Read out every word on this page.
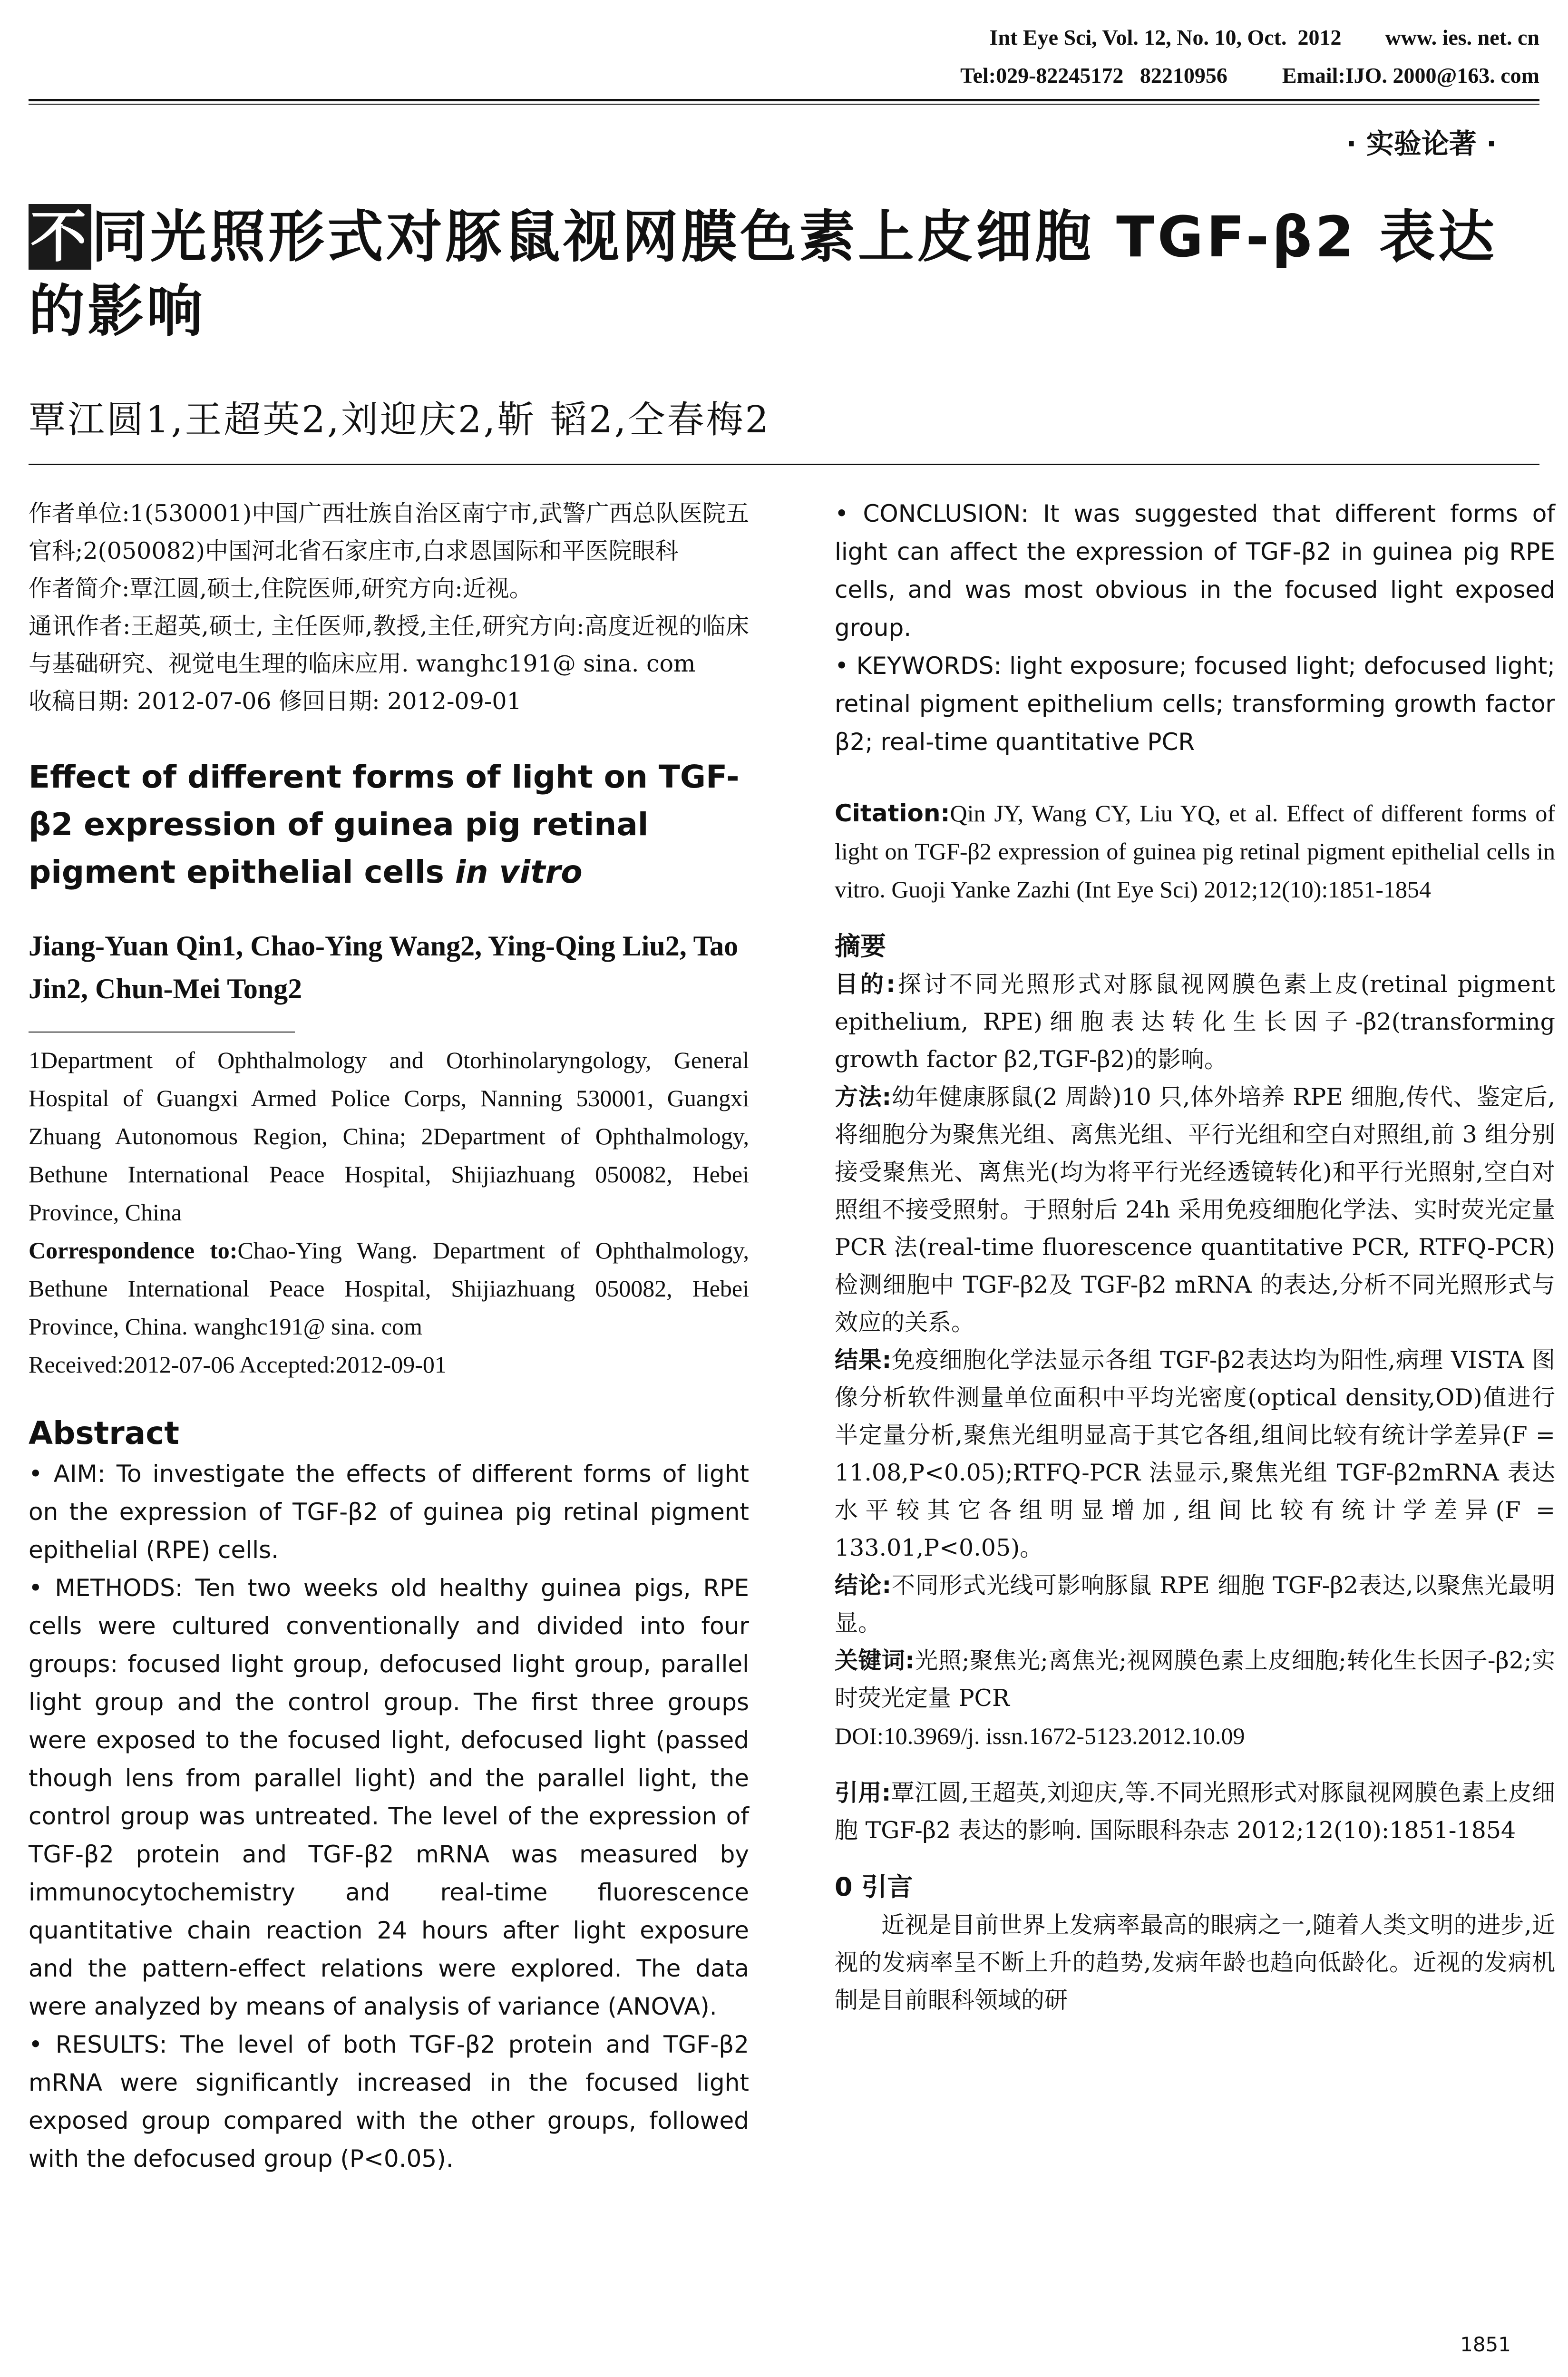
Int Eye Sci, Vol. 12, No. 10, Oct.  2012        www. ies. net. cn
Tel:029-82245172   82210956          Email:IJO. 2000@163. com
· 实验论著 ·
不同光照形式对豚鼠视网膜色素上皮细胞 TGF-β2 表达的影响
覃江圆1,王超英2,刘迎庆2,靳 韬2,仝春梅2

作者单位:1(530001)中国广西壮族自治区南宁市,武警广西总队医院五官科;2(050082)中国河北省石家庄市,白求恩国际和平医院眼科

作者简介:覃江圆,硕士,住院医师,研究方向:近视。

通讯作者:王超英,硕士, 主任医师,教授,主任,研究方向:高度近视的临床与基础研究、视觉电生理的临床应用. wanghc191@ sina. com

收稿日期: 2012-07-06 修回日期: 2012-09-01

Effect of different forms of light on TGF-β2 expression of guinea pig retinal pigment epithelial cells in vitro
Jiang-Yuan Qin1, Chao-Ying Wang2, Ying-Qing Liu2, Tao Jin2, Chun-Mei Tong2

1Department of Ophthalmology and Otorhinolaryngology, General Hospital of Guangxi Armed Police Corps, Nanning 530001, Guangxi Zhuang Autonomous Region, China; 2Department of Ophthalmology, Bethune International Peace Hospital, Shijiazhuang 050082, Hebei Province, China

Correspondence to:Chao-Ying Wang. Department of Ophthalmology, Bethune International Peace Hospital, Shijiazhuang 050082, Hebei Province, China. wanghc191@ sina. com

Received:2012-07-06 Accepted:2012-09-01

Abstract

• AIM: To investigate the effects of different forms of light on the expression of TGF-β2 of guinea pig retinal pigment epithelial (RPE) cells.

• METHODS: Ten two weeks old healthy guinea pigs, RPE cells were cultured conventionally and divided into four groups: focused light group, defocused light group, parallel light group and the control group. The first three groups were exposed to the focused light, defocused light (passed though lens from parallel light) and the parallel light, the control group was untreated. The level of the expression of TGF-β2 protein and TGF-β2 mRNA was measured by immunocytochemistry and real-time fluorescence quantitative chain reaction 24 hours after light exposure and the pattern-effect relations were explored. The data were analyzed by means of analysis of variance (ANOVA).

• RESULTS: The level of both TGF-β2 protein and TGF-β2 mRNA were significantly increased in the focused light exposed group compared with the other groups, followed with the defocused group (P<0.05).

• CONCLUSION: It was suggested that different forms of light can affect the expression of TGF-β2 in guinea pig RPE cells, and was most obvious in the focused light exposed group.

• KEYWORDS: light exposure; focused light; defocused light; retinal pigment epithelium cells; transforming growth factor β2; real-time quantitative PCR

Citation:Qin JY, Wang CY, Liu YQ, et al. Effect of different forms of light on TGF-β2 expression of guinea pig retinal pigment epithelial cells in vitro. Guoji Yanke Zazhi (Int Eye Sci) 2012;12(10):1851-1854

摘要

目的:探讨不同光照形式对豚鼠视网膜色素上皮(retinal pigment epithelium, RPE)细胞表达转化生长因子-β2(transforming growth factor β2,TGF-β2)的影响。

方法:幼年健康豚鼠(2 周龄)10 只,体外培养 RPE 细胞,传代、鉴定后,将细胞分为聚焦光组、离焦光组、平行光组和空白对照组,前 3 组分别接受聚焦光、离焦光(均为将平行光经透镜转化)和平行光照射,空白对照组不接受照射。于照射后 24h 采用免疫细胞化学法、实时荧光定量 PCR 法(real-time fluorescence quantitative PCR, RTFQ-PCR)检测细胞中 TGF-β2及 TGF-β2 mRNA 的表达,分析不同光照形式与效应的关系。

结果:免疫细胞化学法显示各组 TGF-β2表达均为阳性,病理 VISTA 图像分析软件测量单位面积中平均光密度(optical density,OD)值进行半定量分析,聚焦光组明显高于其它各组,组间比较有统计学差异(F = 11.08,P<0.05);RTFQ-PCR 法显示,聚焦光组 TGF-β2mRNA 表达水平较其它各组明显增加,组间比较有统计学差异(F = 133.01,P<0.05)。

结论:不同形式光线可影响豚鼠 RPE 细胞 TGF-β2表达,以聚焦光最明显。

关键词:光照;聚焦光;离焦光;视网膜色素上皮细胞;转化生长因子-β2;实时荧光定量 PCR

DOI:10.3969/j. issn.1672-5123.2012.10.09

引用:覃江圆,王超英,刘迎庆,等.不同光照形式对豚鼠视网膜色素上皮细胞 TGF-β2 表达的影响. 国际眼科杂志 2012;12(10):1851-1854

0 引言

近视是目前世界上发病率最高的眼病之一,随着人类文明的进步,近视的发病率呈不断上升的趋势,发病年龄也趋向低龄化。近视的发病机制是目前眼科领域的研

1851
